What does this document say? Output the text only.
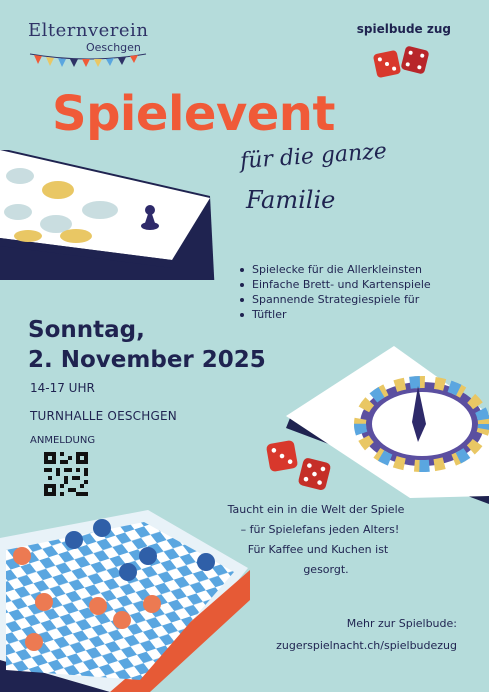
Elternverein
Oeschgen
spielbude zug
Spielevent
für die ganze
Familie
Spielecke für die Allerkleinsten
Einfache Brett- und Kartenspiele
Spannende Strategiespiele für
Tüftler
Sonntag,
2. November 2025
14-17 UHR
TURNHALLE OESCHGEN
ANMELDUNG
Taucht ein in die Welt der Spiele
– für Spielefans jeden Alters!
Für Kaffee und Kuchen ist
gesorgt.
Mehr zur Spielbude:
zugerspielnacht.ch/spielbudezug
